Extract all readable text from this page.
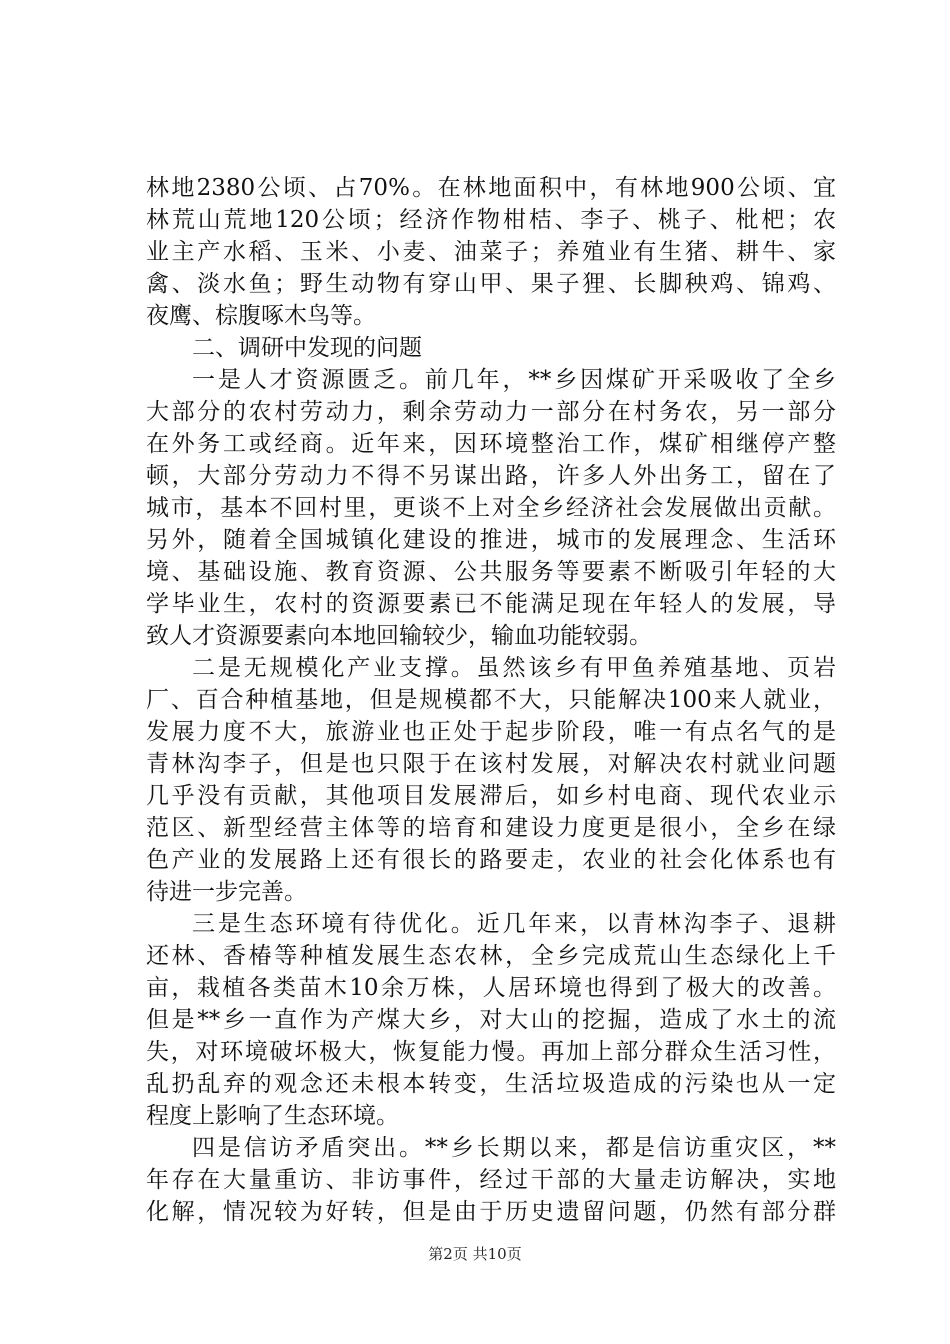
林地2380公顷、占70%。在林地面积中，有林地900公顷、宜
林荒山荒地120公顷；经济作物柑桔、李子、桃子、枇杷；农
业主产水稻、玉米、小麦、油菜子；养殖业有生猪、耕牛、家
禽、淡水鱼；野生动物有穿山甲、果子狸、长脚秧鸡、锦鸡、
夜鹰、棕腹啄木鸟等。
二、调研中发现的问题
一是人才资源匮乏。前几年，**乡因煤矿开采吸收了全乡
大部分的农村劳动力，剩余劳动力一部分在村务农，另一部分
在外务工或经商。近年来，因环境整治工作，煤矿相继停产整
顿，大部分劳动力不得不另谋出路，许多人外出务工，留在了
城市，基本不回村里，更谈不上对全乡经济社会发展做出贡献。
另外，随着全国城镇化建设的推进，城市的发展理念、生活环
境、基础设施、教育资源、公共服务等要素不断吸引年轻的大
学毕业生，农村的资源要素已不能满足现在年轻人的发展，导
致人才资源要素向本地回输较少，输血功能较弱。
二是无规模化产业支撑。虽然该乡有甲鱼养殖基地、页岩
厂、百合种植基地，但是规模都不大，只能解决100来人就业，
发展力度不大，旅游业也正处于起步阶段，唯一有点名气的是
青林沟李子，但是也只限于在该村发展，对解决农村就业问题
几乎没有贡献，其他项目发展滞后，如乡村电商、现代农业示
范区、新型经营主体等的培育和建设力度更是很小，全乡在绿
色产业的发展路上还有很长的路要走，农业的社会化体系也有
待进一步完善。
三是生态环境有待优化。近几年来，以青林沟李子、退耕
还林、香椿等种植发展生态农林，全乡完成荒山生态绿化上千
亩，栽植各类苗木10余万株，人居环境也得到了极大的改善。
但是**乡一直作为产煤大乡，对大山的挖掘，造成了水土的流
失，对环境破坏极大，恢复能力慢。再加上部分群众生活习性，
乱扔乱弃的观念还未根本转变，生活垃圾造成的污染也从一定
程度上影响了生态环境。
四是信访矛盾突出。**乡长期以来，都是信访重灾区，**
年存在大量重访、非访事件，经过干部的大量走访解决，实地
化解，情况较为好转，但是由于历史遗留问题，仍然有部分群
第2页 共10页
